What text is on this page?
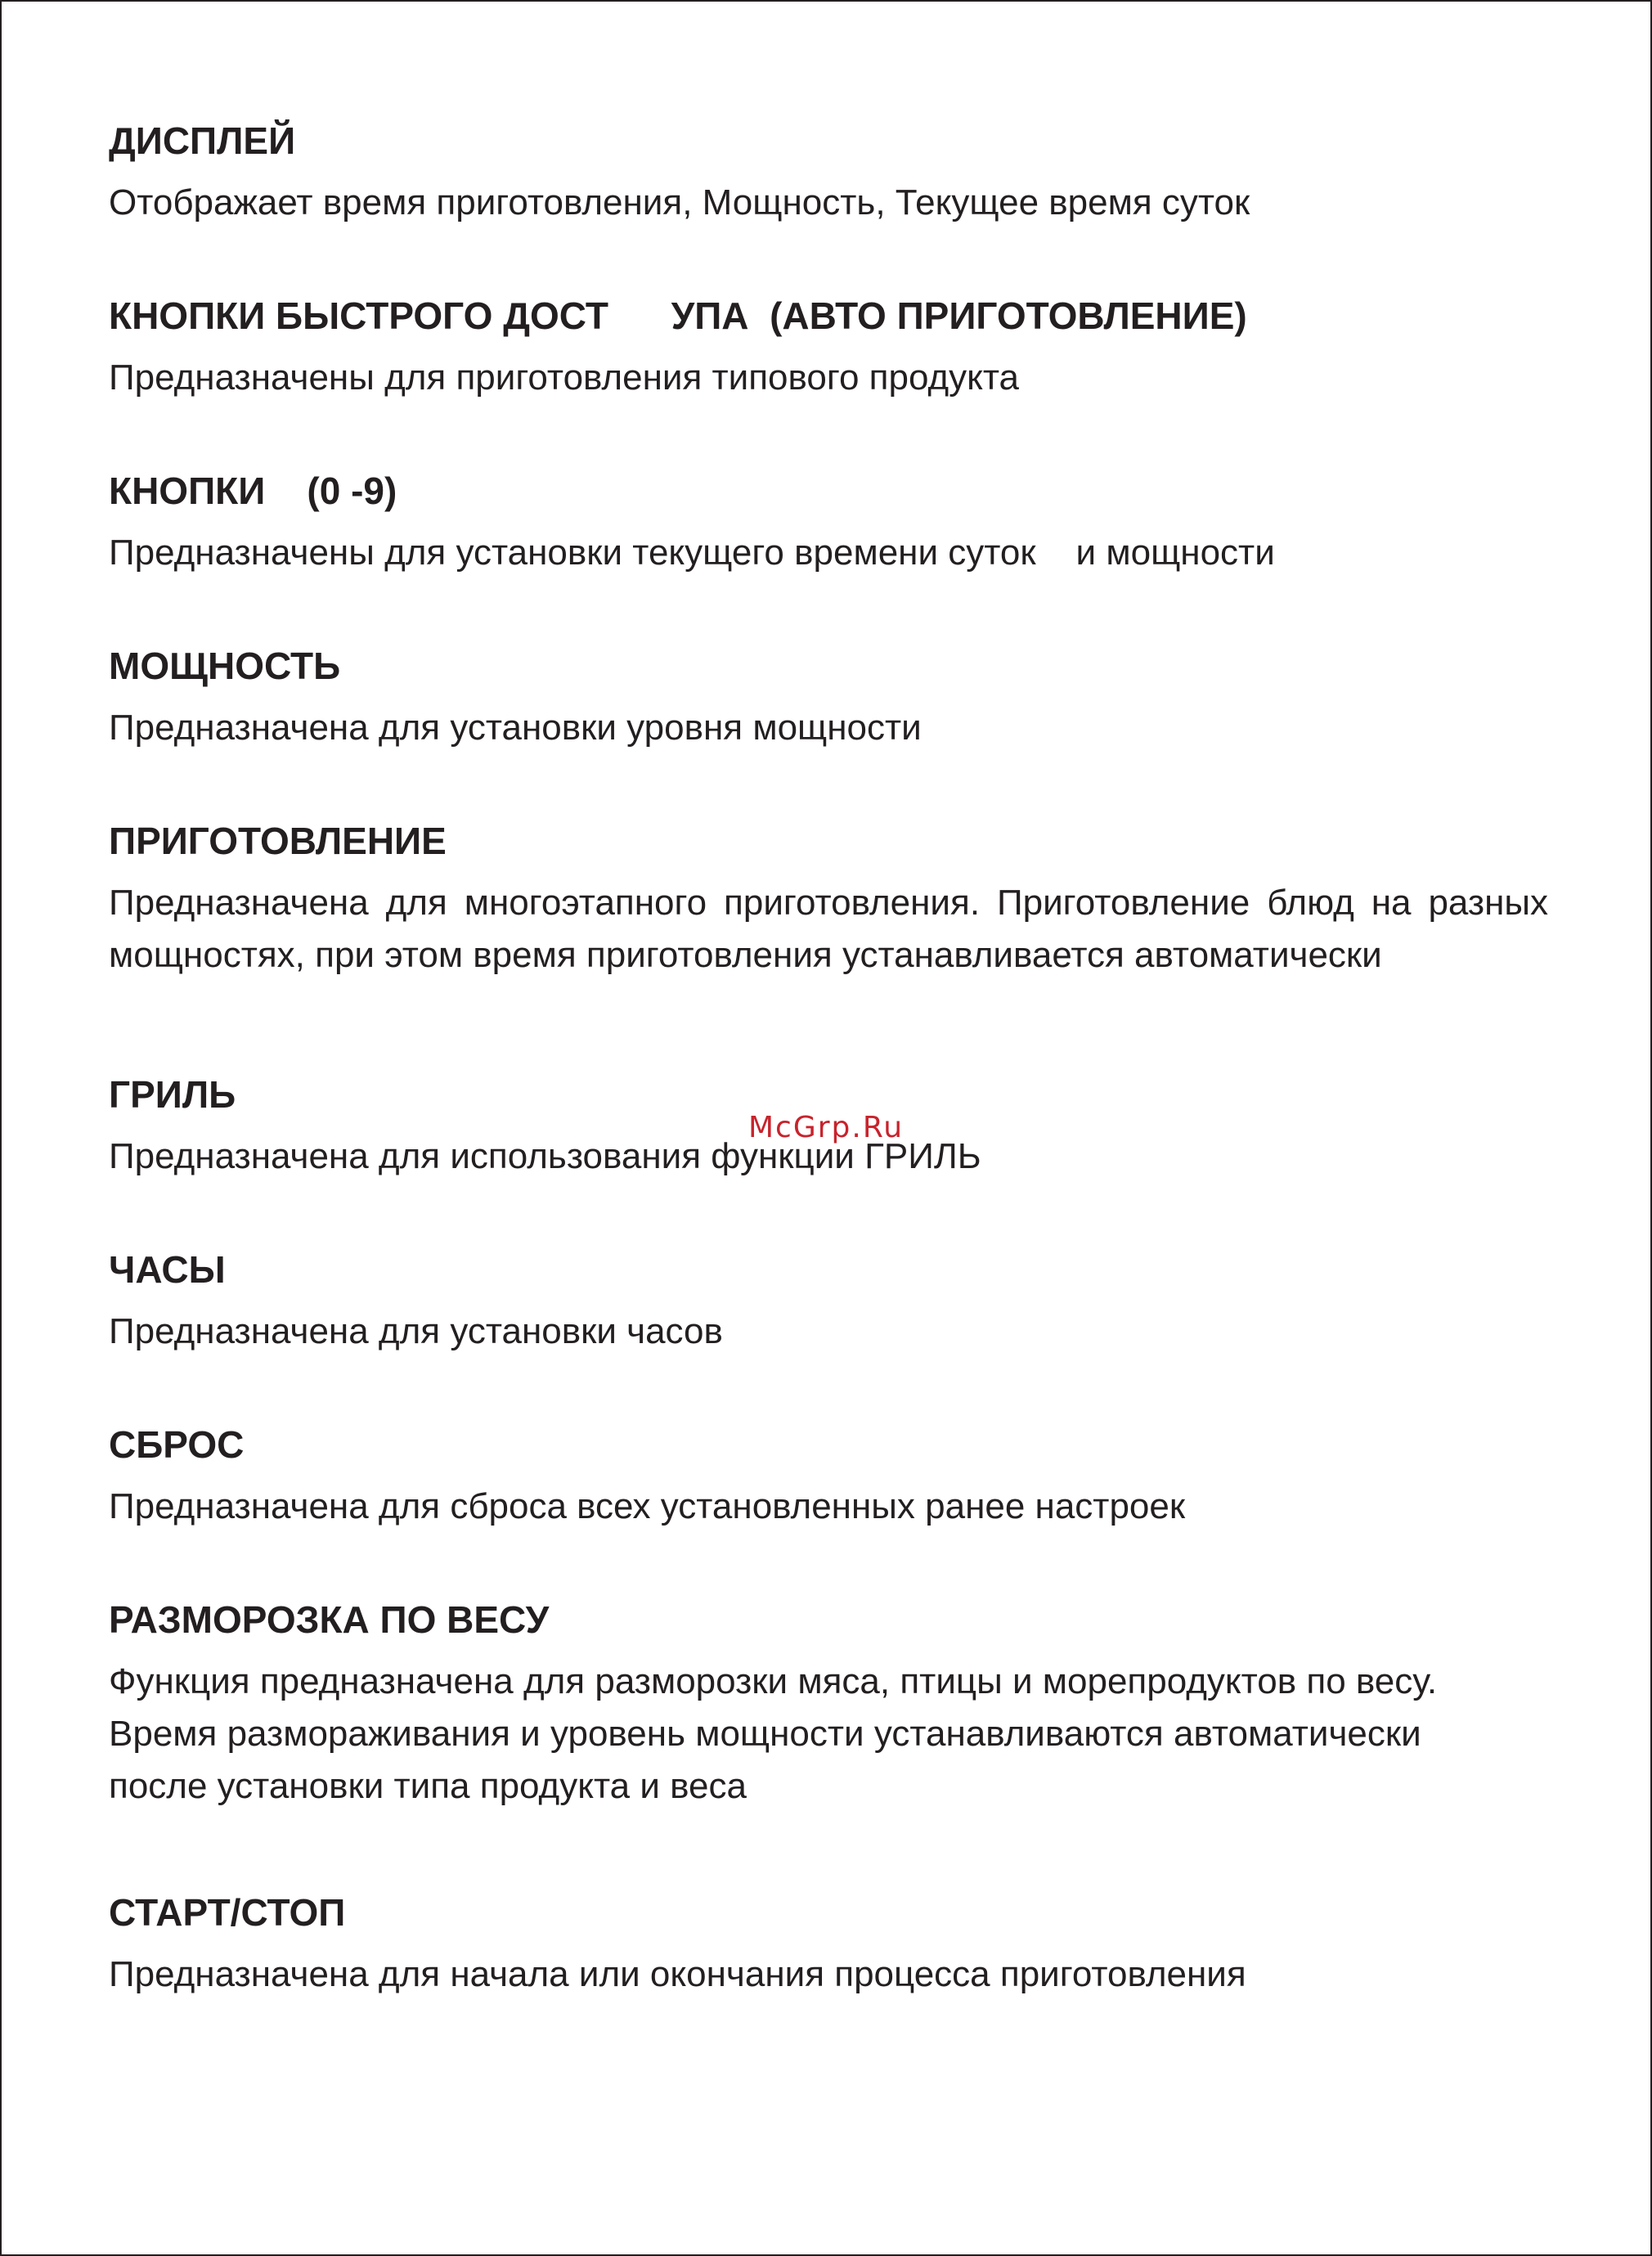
ДИСПЛЕЙ

Отображает время приготовления, Мощность, Текущее время суток

КНОПКИ БЫСТРОГО ДОСТ      УПА  (АВТО ПРИГОТОВЛЕНИЕ)

Предназначены для приготовления типового продукта

КНОПКИ    (0 -9)

Предназначены для установки текущего времени суток    и мощности

МОЩНОСТЬ

Предназначена для установки уровня мощности

ПРИГОТОВЛЕНИЕ

Предназначена для многоэтапного приготовления. Приготовление блюд на разных мощностях, при этом время приготовления устанавливается автоматически

ГРИЛЬ

Предназначена для использования функции ГРИЛЬ

ЧАСЫ

Предназначена для установки часов

СБРОС

Предназначена для сброса всех установленных ранее настроек

РАЗМОРОЗКА ПО ВЕСУ

Функция предназначена для разморозки мяса, птицы и морепродуктов по весу.
Время размораживания и уровень мощности устанавливаются автоматически
после установки типа продукта и веса

СТАРТ/СТОП

Предназначена для начала или окончания процесса приготовления

McGrp.Ru
